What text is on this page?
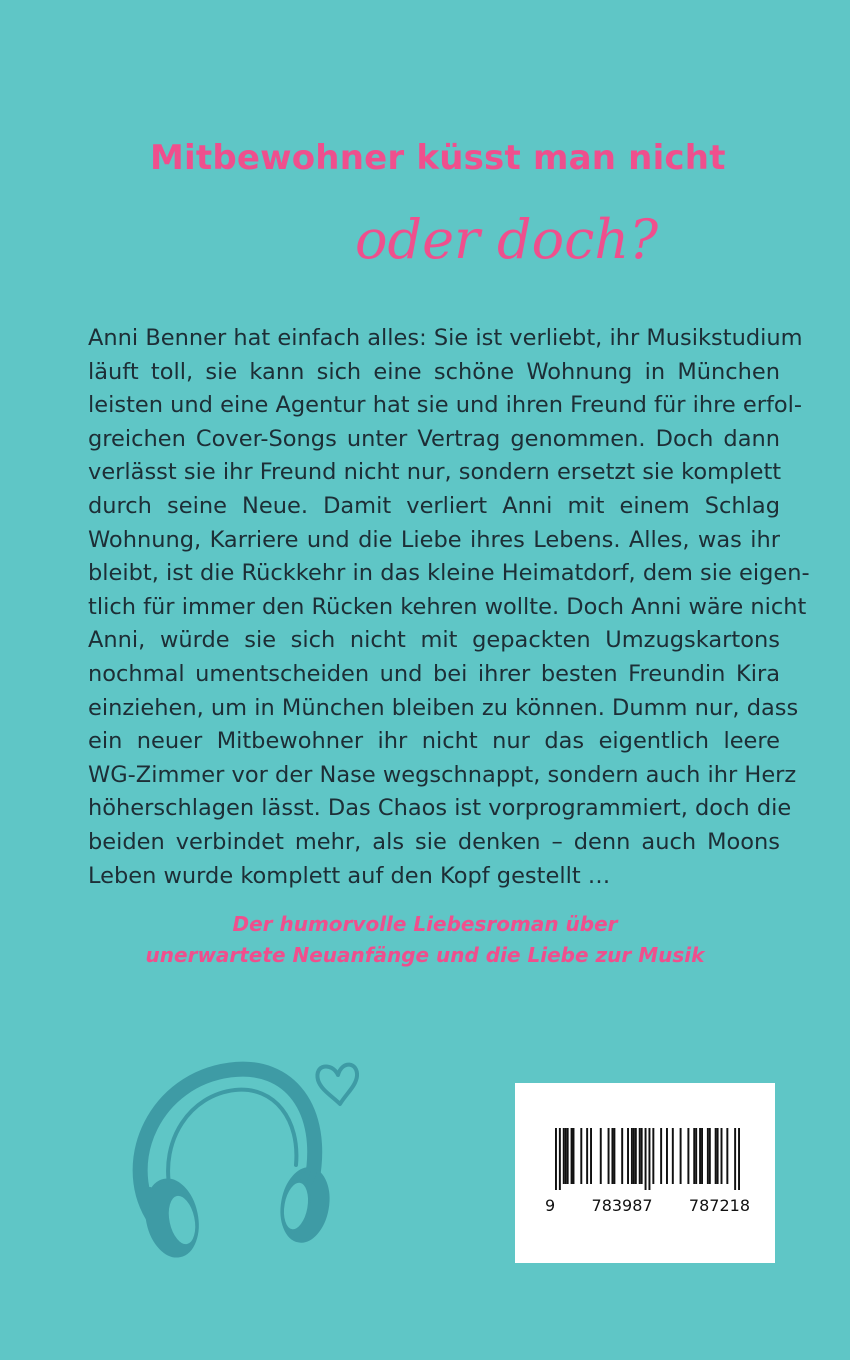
Mitbewohner küsst man nicht
oder doch?
Anni Benner hat einfach alles: Sie ist verliebt, ihr Musikstudium
läuft toll, sie kann sich eine schöne Wohnung in München
leisten und eine Agentur hat sie und ihren Freund für ihre erfol-
greichen Cover-Songs unter Vertrag genommen. Doch dann
verlässt sie ihr Freund nicht nur, sondern ersetzt sie komplett
durch seine Neue. Damit verliert Anni mit einem Schlag
Wohnung, Karriere und die Liebe ihres Lebens. Alles, was ihr
bleibt, ist die Rückkehr in das kleine Heimatdorf, dem sie eigen-
tlich für immer den Rücken kehren wollte. Doch Anni wäre nicht
Anni, würde sie sich nicht mit gepackten Umzugskartons
nochmal umentscheiden und bei ihrer besten Freundin Kira
einziehen, um in München bleiben zu können. Dumm nur, dass
ein neuer Mitbewohner ihr nicht nur das eigentlich leere
WG-Zimmer vor der Nase wegschnappt, sondern auch ihr Herz
höherschlagen lässt. Das Chaos ist vorprogrammiert, doch die
beiden verbindet mehr, als sie denken – denn auch Moons
Leben wurde komplett auf den Kopf gestellt …
Der humorvolle Liebesroman über
unerwartete Neuanfänge und die Liebe zur Musik
9 783987 787218
